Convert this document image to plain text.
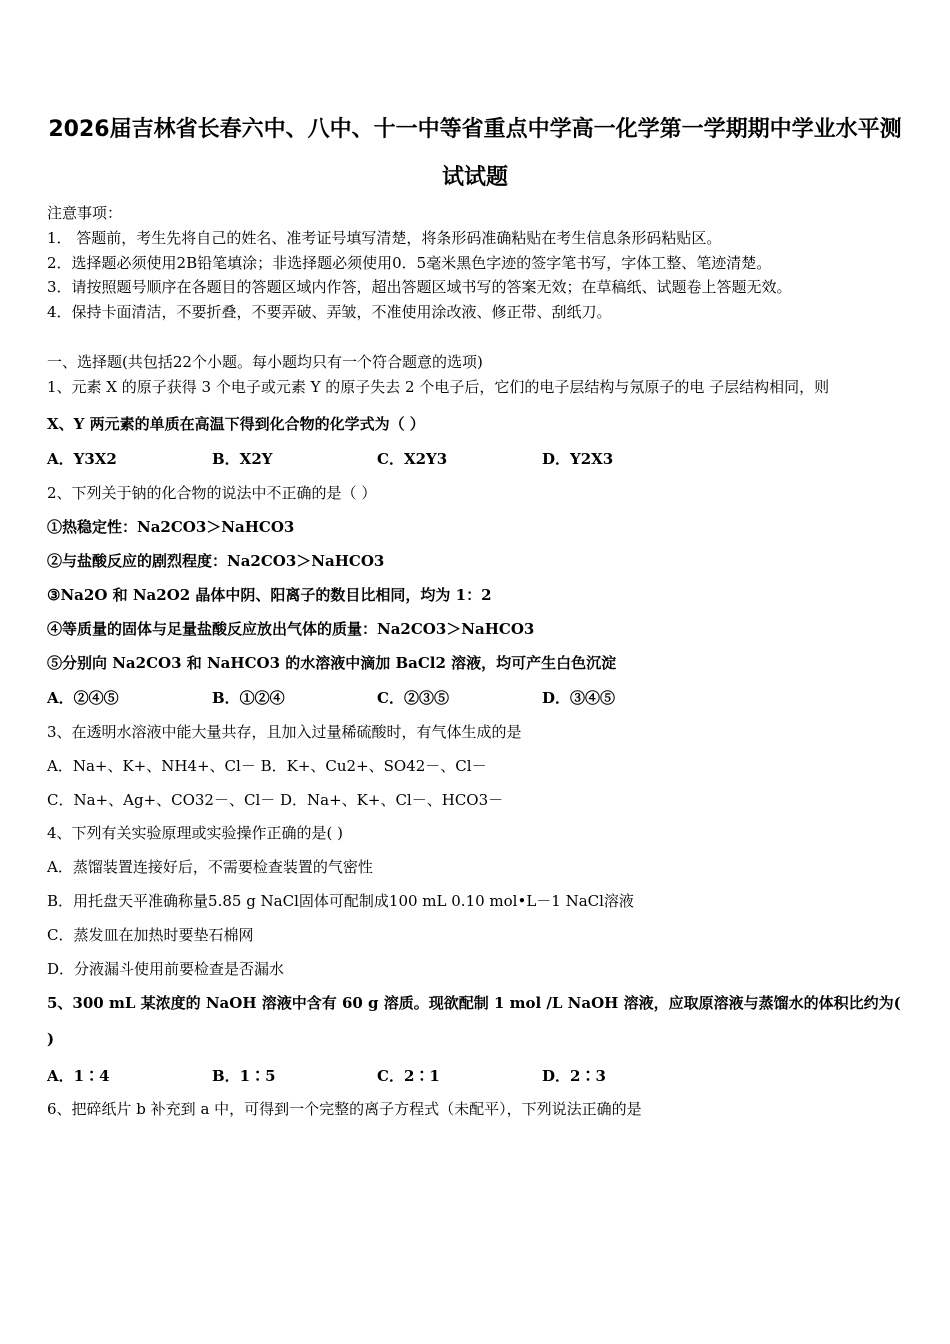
2026届吉林省长春六中、八中、十一中等省重点中学高一化学第一学期期中学业水平测
试试题
注意事项：
1． 答题前，考生先将自己的姓名、准考证号填写清楚，将条形码准确粘贴在考生信息条形码粘贴区。
2．选择题必须使用2B铅笔填涂；非选择题必须使用0．5毫米黑色字迹的签字笔书写，字体工整、笔迹清楚。
3．请按照题号顺序在各题目的答题区域内作答，超出答题区域书写的答案无效；在草稿纸、试题卷上答题无效。
4．保持卡面清洁，不要折叠，不要弄破、弄皱，不准使用涂改液、修正带、刮纸刀。
一、选择题(共包括22个小题。每小题均只有一个符合题意的选项)
1、元素 X 的原子获得 3 个电子或元素 Y 的原子失去 2 个电子后，它们的电子层结构与氖原子的电 子层结构相同，则
X、Y 两元素的单质在高温下得到化合物的化学式为（ ）
A．Y3X2	B．X2Y	C．X2Y3	D．Y2X3
2、下列关于钠的化合物的说法中不正确的是（ ）
①热稳定性：Na2CO3＞NaHCO3
②与盐酸反应的剧烈程度：Na2CO3＞NaHCO3
③Na2O 和 Na2O2 晶体中阴、阳离子的数目比相同，均为 1：2
④等质量的固体与足量盐酸反应放出气体的质量：Na2CO3＞NaHCO3
⑤分别向 Na2CO3 和 NaHCO3 的水溶液中滴加 BaCl2 溶液，均可产生白色沉淀
A．②④⑤	B．①②④	C．②③⑤	D．③④⑤
3、在透明水溶液中能大量共存，且加入过量稀硫酸时，有气体生成的是
A．Na+、K+、NH4+、Cl－ B．K+、Cu2+、SO42－、Cl－
C．Na+、Ag+、CO32－、Cl－ D．Na+、K+、Cl－、HCO3－
4、下列有关实验原理或实验操作正确的是( )
A．蒸馏装置连接好后，不需要检查装置的气密性
B．用托盘天平准确称量5.85 g NaCl固体可配制成100 mL 0.10 mol•L－1 NaCl溶液
C．蒸发皿在加热时要垫石棉网
D．分液漏斗使用前要检查是否漏水
5、300 mL 某浓度的 NaOH 溶液中含有 60 g 溶质。现欲配制 1 mol /L NaOH 溶液，应取原溶液与蒸馏水的体积比约为(
)
A．1∶4	B．1∶5	C．2∶1	D．2∶3
6、把碎纸片 b 补充到 a 中，可得到一个完整的离子方程式（未配平），下列说法正确的是
